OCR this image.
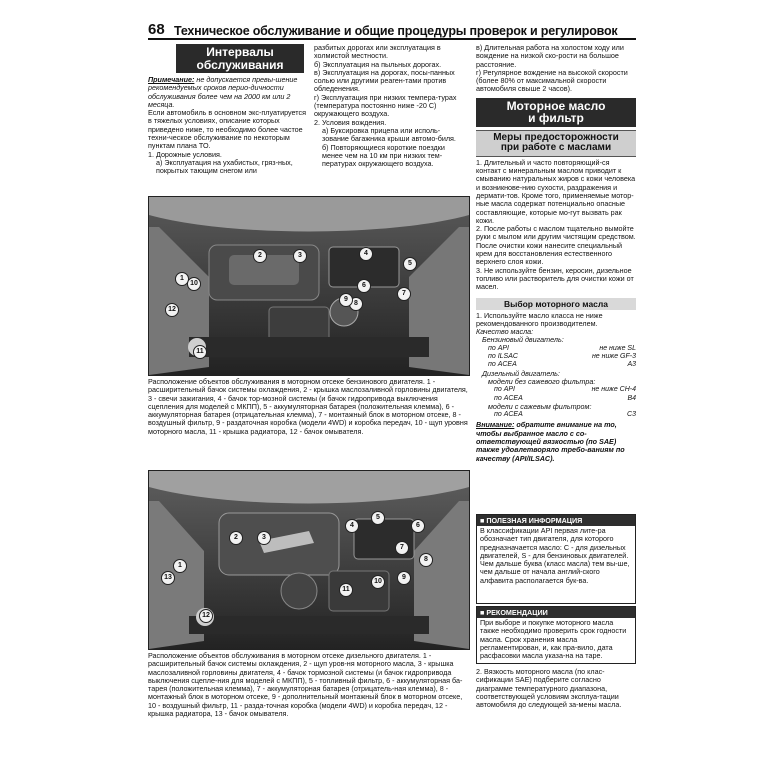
68 Техническое обслуживание и общие процедуры проверок и регулировок
Интервалы
обслуживания
Примечание: не допускается превы-шение рекомендуемых сроков перио-дичности обслуживания более чем на 2000 км или 2 месяца.
Если автомобиль в основном экс-плуатируется в тяжелых условиях, описание которых приведено ниже, то необходимо более частое техни-ческое обслуживание по некоторым пунктам плана ТО.
1. Дорожные условия.
а) Эксплуатация на ухабистых, гряз-ных, покрытых тающим снегом или
разбитых дорогах или эксплуатация в холмистой местности.
б) Эксплуатация на пыльных дорогах.
в) Эксплуатация на дорогах, посы-панных солью или другими реаген-тами против обледенения.
г) Эксплуатация при низких темпера-турах (температура постоянно ниже -20 С) окружающего воздуха.
2. Условия вождения.
а) Буксировка прицепа или исполь-зование багажника крыши автомо-биля.
б) Повторяющиеся короткие поездки менее чем на 10 км при низких тем-пературах окружающего воздуха.
в) Длительная работа на холостом ходу или вождение на низкой ско-рости на большое расстояние.
г) Регулярное вождение на высокой скорости (более 80% от максимальной скорости автомобиля свыше 2 часов).
Моторное масло
и фильтр
Меры предосторожности
при работе с маслами
1. Длительный и часто повторяющий-ся контакт с минеральным маслом приводит к смыванию натуральных жиров с кожи человека и возникнове-нию сухости, раздражения и дермати-тов. Кроме того, применяемые мотор-ные масла содержат потенциально опасные составляющие, которые мо-гут вызвать рак кожи.
2. После работы с маслом тщательно вымойте руки с мылом или другим чистящим средством. После очистки кожи нанесите специальный крем для восстановления естественного верхнего слоя кожи.
3. Не используйте бензин, керосин, дизельное топливо или растворитель для очистки кожи от масел.
Выбор моторного масла
1. Используйте масло класса не ниже рекомендованного производителем.
Качество масла:
Бензиновый двигатель:
по API	не ниже SL
по ILSAC	не ниже GF-3
по ACEA	A3
Дизельный двигатель:
модели без сажевого фильтра:
по API	не ниже CH-4
по ACEA	B4
модели с сажевым фильтром:
по ACEA	C3
Внимание: обратите внимание на то, чтобы выбранное масло с со-ответствующей вязкостью (по SAE) также удовлетворяло требо-ваниям по качеству (API/ILSAC).
■ ПОЛЕЗНАЯ ИНФОРМАЦИЯ
В классификации API первая лите-ра обозначает тип двигателя, для которого предназначается масло: С - для дизельных двигателей, S - для бензиновых двигателей. Чем дальше буква (класс масла) тем вы-ше, чем дальше от начала англий-ского алфавита располагается бук-ва.
■ РЕКОМЕНДАЦИИ
При выборе и покупке моторного масла также необходимо проверить срок годности масла. Срок хранения масла регламентирован, и, как пра-вило, дата расфасовки масла указа-на на таре.
2. Вязкость моторного масла (по клас-сификации SAE) подберите согласно диаграмме температурного диапазона, соответствующей условиям эксплуа-тации автомобиля до следующей за-мены масла.
1
2	3	4
5
6
7
8
9
10
11
12
Расположение объектов обслуживания в моторном отсеке бензинового двигателя. 1 - расширительный бачок системы охлаждения, 2 - крышка маслозаливной горловины двигателя, 3 - свечи зажигания, 4 - бачок тор-мозной системы (и бачок гидропривода выключения сцепления для моделей с МКПП), 5 - аккумуляторная батарея (положительная клемма), 6 - аккумуляторная батарея (отрицательная клемма), 7 - монтажный блок в моторном отсеке, 8 - воздушный фильтр, 9 - раздаточная коробка (модели 4WD) и коробка передач, 10 - щуп уровня моторного масла, 11 - крышка радиатора, 12 - бачок омывателя.
1
2	3
4
5
6
7
8
9
10
11
12
13
Расположение объектов обслуживания в моторном отсеке дизельного двигателя. 1 - расширительный бачок системы охлаждения, 2 - щуп уров-ня моторного масла, 3 - крышка маслозаливной горловины двигателя, 4 - бачок тормозной системы (и бачок гидропривода выключения сцепле-ния для моделей с МКПП), 5 - топливный фильтр, 6 - аккумуляторная ба-тарея (положительная клемма), 7 - аккумуляторная батарея (отрицатель-ная клемма), 8 - монтажный блок в моторном отсеке, 9 - дополнительный монтажный блок в моторном отсеке, 10 - воздушный фильтр, 11 - разда-точная коробка (модели 4WD) и коробка передач, 12 - крышка радиатора, 13 - бачок омывателя.
